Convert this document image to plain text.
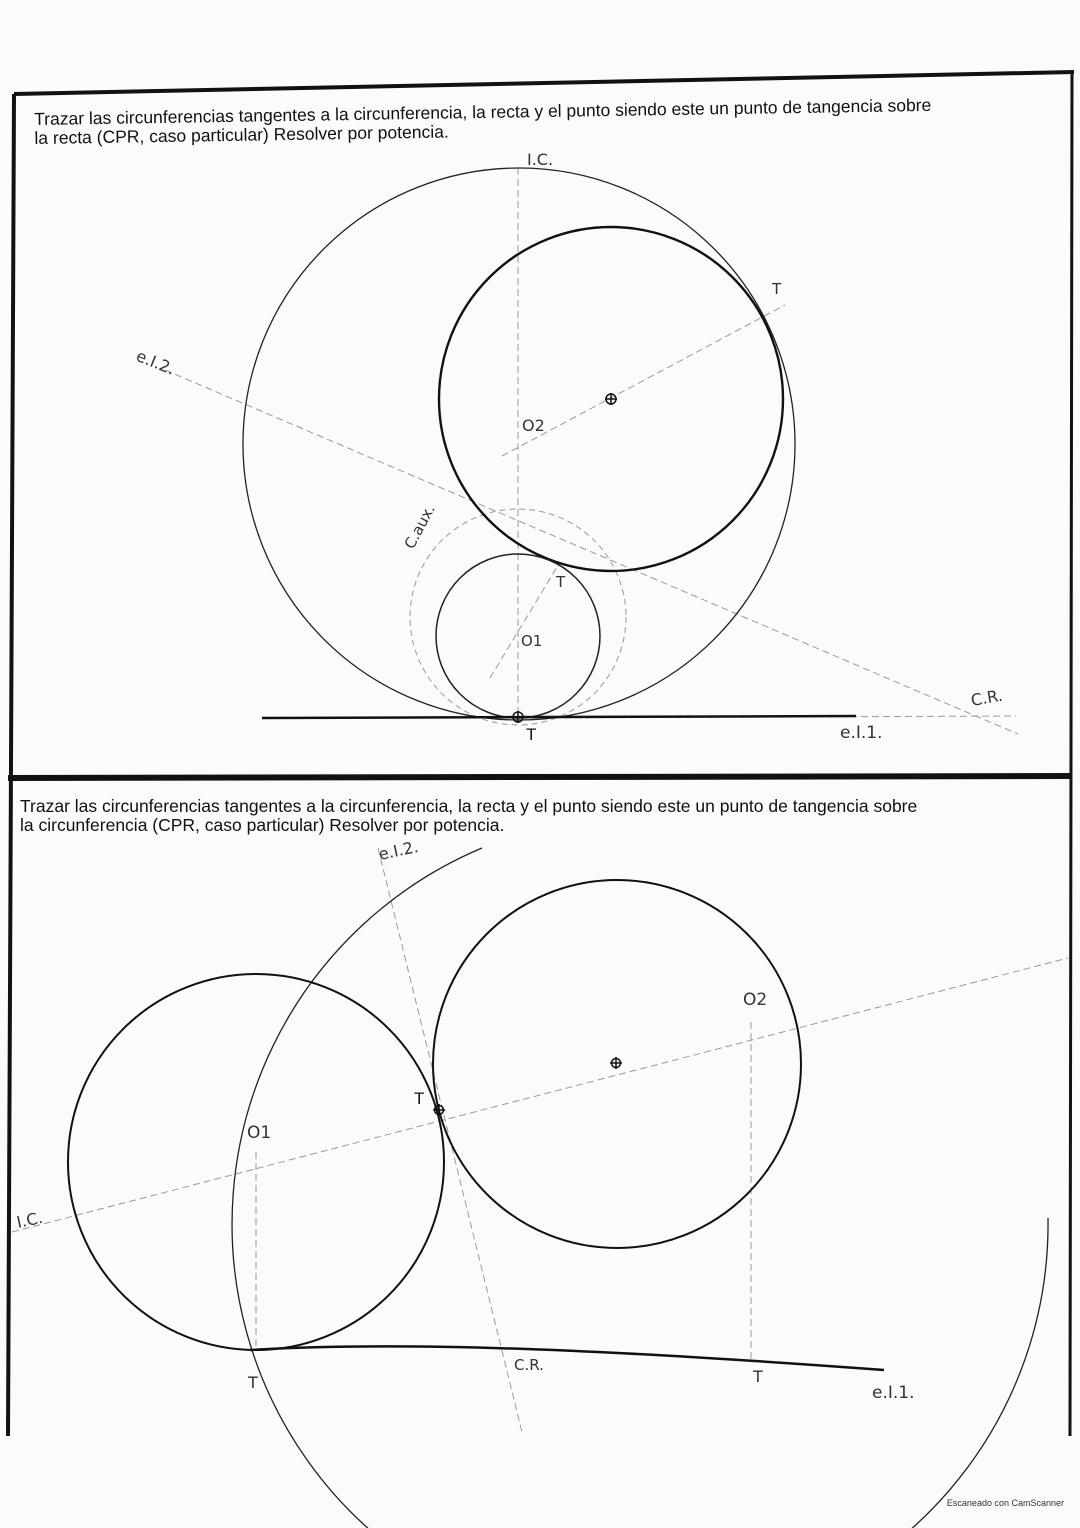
I.C.
e.I.2.
T
O2
C.aux.
T
O1
C.R.
T	e.I.1.
e.I.2.
O2
T
O1
I.C.
C.R.
T	T
e.I.1.
Trazar las circunferencias tangentes a la circunferencia, la recta y el punto siendo este un punto de tangencia sobre
la recta (CPR, caso particular) Resolver por potencia.
Trazar las circunferencias tangentes a la circunferencia, la recta y el punto siendo este un punto de tangencia sobre
la circunferencia (CPR, caso particular) Resolver por potencia.
Escaneado con CamScanner
